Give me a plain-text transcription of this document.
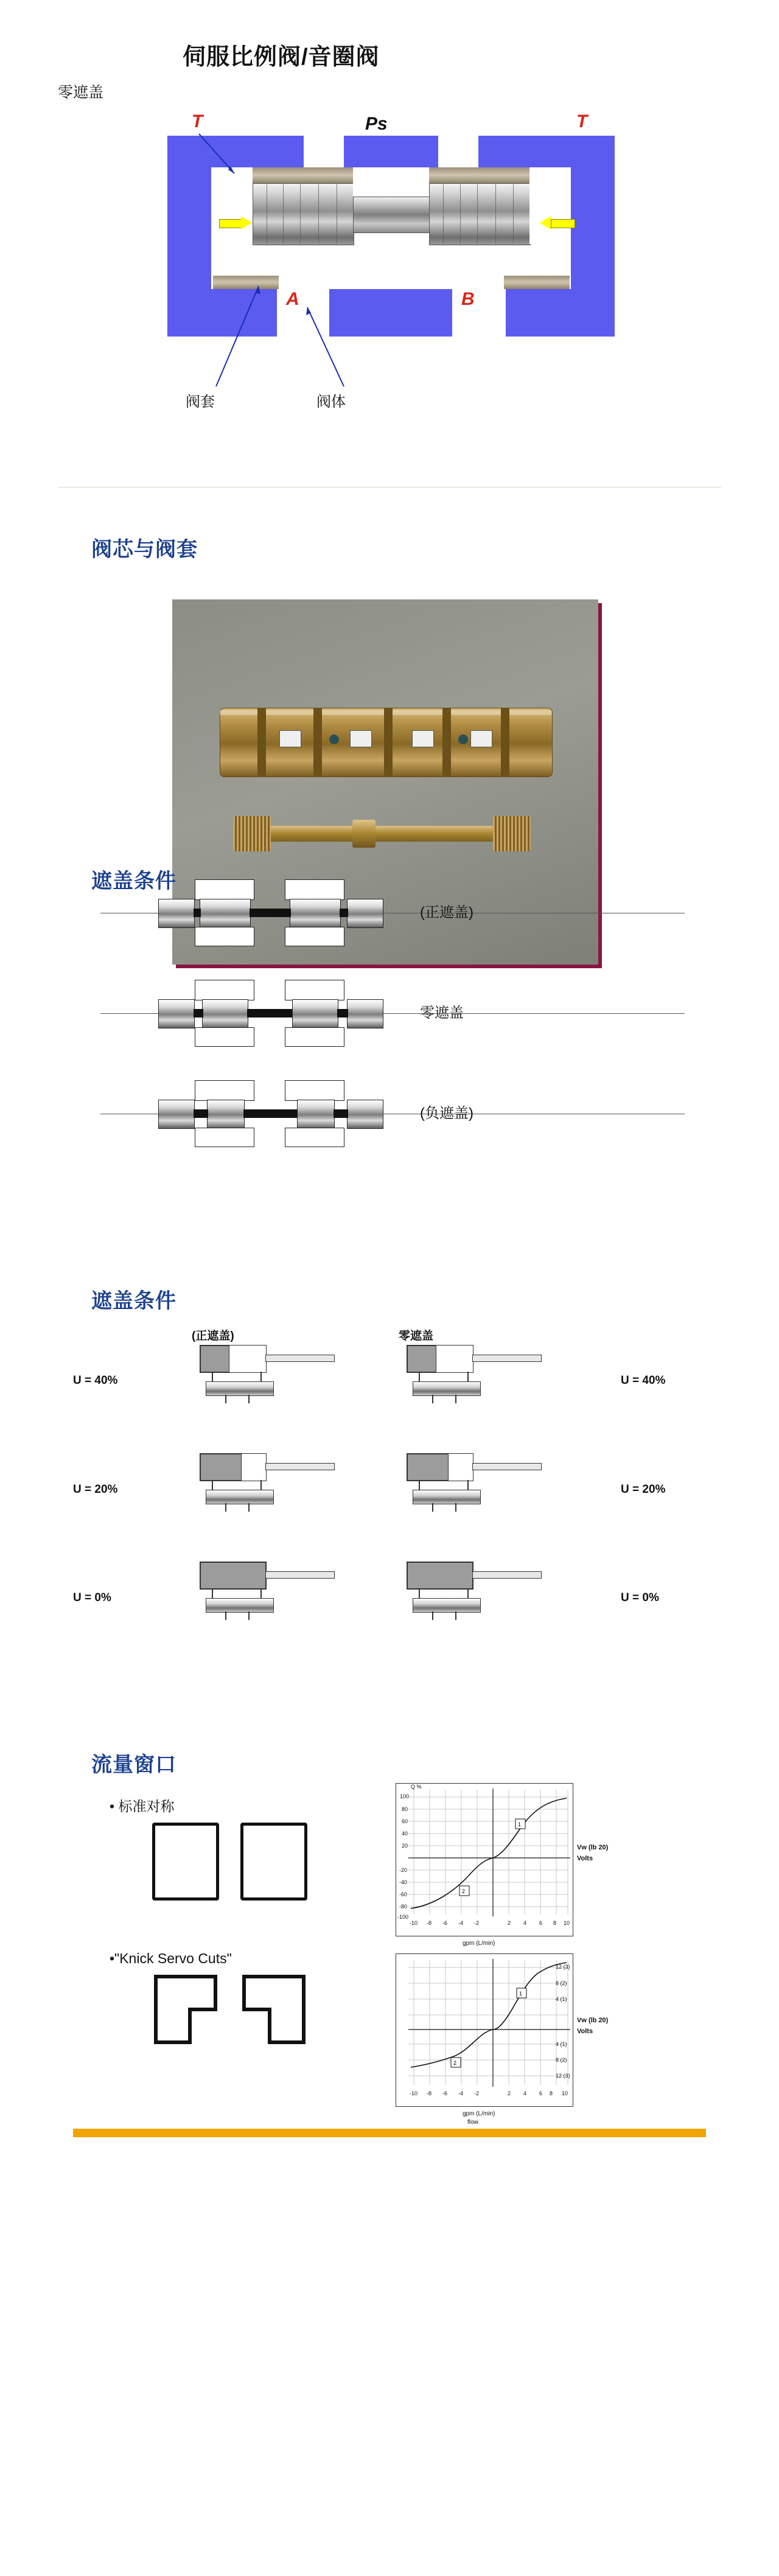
伺服比例阀/音圈阀
零遮盖
T	T
Ps
A	B
阀套	阀体
阀芯与阀套
遮盖条件
(正遮盖)
零遮盖
(负遮盖)
遮盖条件
(正遮盖)	零遮盖
U = 40%	U = 40%
U = 20%	U = 20%
U = 0%	U = 0%
流量窗口
• 标准对称
•"Knick Servo Cuts"
1
2
Q %
100
80
60
40
20
-20
-40
-60
-80
-100
-10 -8 -6 -4 -2	2 4 6 8 10
Vw (lb 20)
Volts
gpm (L/min)
1
2
12 (3)
8 (2)
4 (1)
4 (1)
8 (2)
12 (3)
-10 -8 -6 -4 -2	2 4 6 8 10
Vw (lb 20)
Volts
gpm (L/min)
flow
